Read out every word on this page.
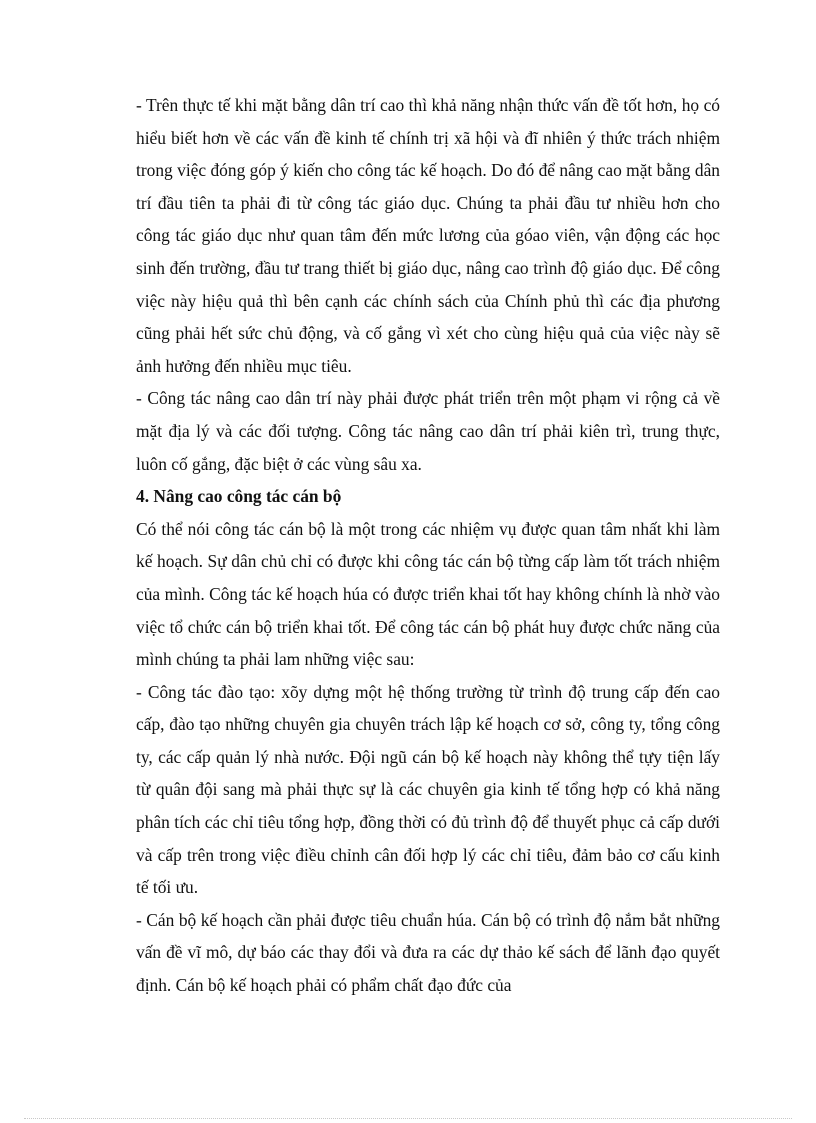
- Trên thực tế khi mặt bằng dân trí cao thì khả năng nhận thức vấn đề tốt hơn, họ có hiểu biết hơn về các vấn đề kinh tế chính trị xã hội và đĩ nhiên ý thức trách nhiệm trong việc đóng góp ý kiến cho công tác kế hoạch. Do đó để nâng cao mặt bằng dân trí đầu tiên ta phải đi từ công tác giáo dục. Chúng ta phải đầu tư nhiều hơn cho công tác giáo dục như quan tâm đến mức lương của góao viên, vận động các học sinh đến trường, đầu tư trang thiết bị giáo dục, nâng cao trình độ giáo dục. Để công việc này hiệu quả thì bên cạnh các chính sách của Chính phủ thì các địa phương cũng phải hết sức chủ động, và cố gắng vì xét cho cùng hiệu quả của việc này sẽ ảnh hưởng đến nhiều mục tiêu.

- Công tác nâng cao dân trí này phải được phát triển trên một phạm vi rộng cả về mặt địa lý và các đối tượng. Công tác nâng cao dân trí phải kiên trì, trung thực, luôn cố gắng, đặc biệt ở các vùng sâu xa.

4. Nâng cao công tác cán bộ

Có thể nói công tác cán bộ là một trong các nhiệm vụ được quan tâm nhất khi làm kế hoạch. Sự dân chủ chỉ có được khi công tác cán bộ từng cấp làm tốt trách nhiệm của mình. Công tác kế hoạch húa có được triển khai tốt hay không chính là nhờ vào việc tổ chức cán bộ triển khai tốt. Để công tác cán bộ phát huy được chức năng của mình chúng ta phải lam những việc sau:

- Công tác đào tạo: xõy dựng một hệ thống trường từ trình độ trung cấp đến cao cấp, đào tạo những chuyên gia chuyên trách lập kế hoạch cơ sở, công ty, tổng công ty, các cấp quản lý nhà nước. Đội ngũ cán bộ kế hoạch này không thể tựy tiện lấy từ quân đội sang mà phải thực sự là các chuyên gia kinh tế tổng hợp có khả năng phân tích các chỉ tiêu tổng hợp, đồng thời có đủ trình độ để thuyết phục cả cấp dưới và cấp trên trong việc điều chỉnh cân đối hợp lý các chỉ tiêu, đảm bảo cơ cấu kinh tế tối ưu.

- Cán bộ kế hoạch cần phải được tiêu chuẩn húa. Cán bộ có trình độ nắm bắt những vấn đề vĩ mô, dự báo các thay đổi và đưa ra các dự thảo kế sách để lãnh đạo quyết định. Cán bộ kế hoạch phải có phẩm chất đạo đức của
